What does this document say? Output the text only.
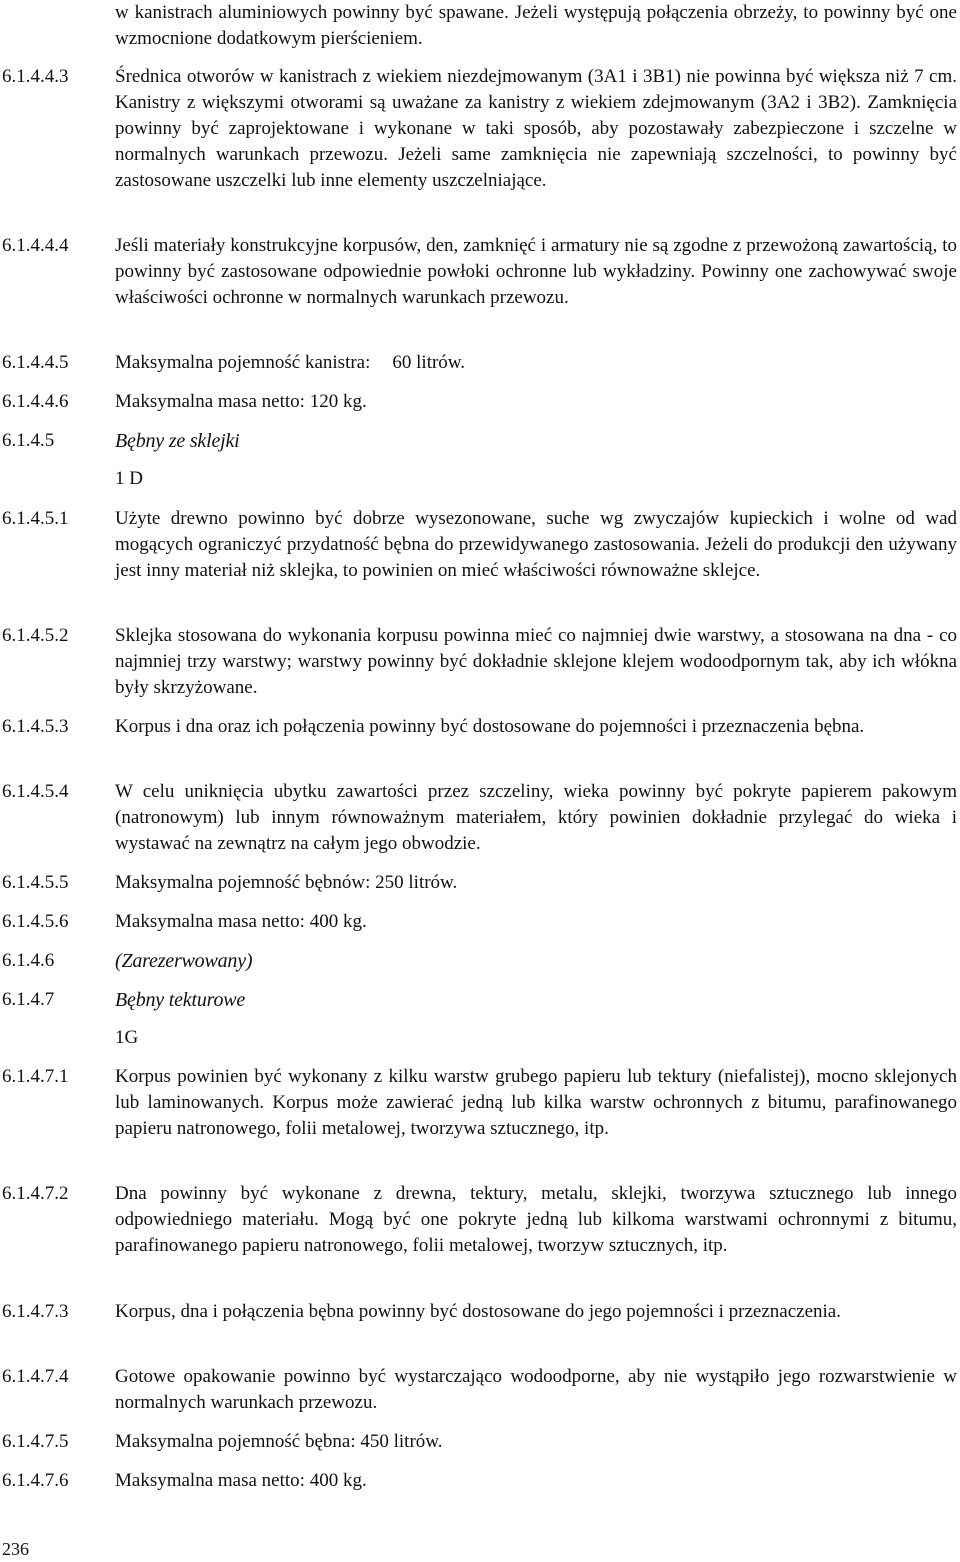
w kanistrach aluminiowych powinny być spawane. Jeżeli występują połączenia obrzeży, to powinny być one wzmocnione dodatkowym pierścieniem.
6.1.4.4.3	Średnica otworów w kanistrach z wiekiem niezdejmowanym (3A1 i 3B1) nie powinna być większa niż 7 cm. Kanistry z większymi otworami są uważane za kanistry z wiekiem zdejmowanym (3A2 i 3B2). Zamknięcia powinny być zaprojektowane i wykonane w taki sposób, aby pozostawały zabezpieczone i szczelne w normalnych warunkach przewozu. Jeżeli same zamknięcia nie zapewniają szczelności, to powinny być zastosowane uszczelki lub inne elementy uszczelniające.
6.1.4.4.4	Jeśli materiały konstrukcyjne korpusów, den, zamknięć i armatury nie są zgodne z przewożoną zawartością, to powinny być zastosowane odpowiednie powłoki ochronne lub wykładziny. Powinny one zachowywać swoje właściwości ochronne w normalnych warunkach przewozu.
6.1.4.4.5	Maksymalna pojemność kanistra: 60 litrów.
6.1.4.4.6	Maksymalna masa netto: 120 kg.
6.1.4.5	Bębny ze sklejki
1 D
6.1.4.5.1	Użyte drewno powinno być dobrze wysezonowane, suche wg zwyczajów kupieckich i wolne od wad mogących ograniczyć przydatność bębna do przewidywanego zastosowania. Jeżeli do produkcji den używany jest inny materiał niż sklejka, to powinien on mieć właściwości równoważne sklejce.
6.1.4.5.2	Sklejka stosowana do wykonania korpusu powinna mieć co najmniej dwie warstwy, a stosowana na dna - co najmniej trzy warstwy; warstwy powinny być dokładnie sklejone klejem wodoodpornym tak, aby ich włókna były skrzyżowane.
6.1.4.5.3	Korpus i dna oraz ich połączenia powinny być dostosowane do pojemności i przeznaczenia bębna.
6.1.4.5.4	W celu uniknięcia ubytku zawartości przez szczeliny, wieka powinny być pokryte papierem pakowym (natronowym) lub innym równoważnym materiałem, który powinien dokładnie przylegać do wieka i wystawać na zewnątrz na całym jego obwodzie.
6.1.4.5.5	Maksymalna pojemność bębnów: 250 litrów.
6.1.4.5.6	Maksymalna masa netto: 400 kg.
6.1.4.6	(Zarezerwowany)
6.1.4.7	Bębny tekturowe
1G
6.1.4.7.1	Korpus powinien być wykonany z kilku warstw grubego papieru lub tektury (niefalistej), mocno sklejonych lub laminowanych. Korpus może zawierać jedną lub kilka warstw ochronnych z bitumu, parafinowanego papieru natronowego, folii metalowej, tworzywa sztucznego, itp.
6.1.4.7.2	Dna powinny być wykonane z drewna, tektury, metalu, sklejki, tworzywa sztucznego lub innego odpowiedniego materiału. Mogą być one pokryte jedną lub kilkoma warstwami ochronnymi z bitumu, parafinowanego papieru natronowego, folii metalowej, tworzyw sztucznych, itp.
6.1.4.7.3	Korpus, dna i połączenia bębna powinny być dostosowane do jego pojemności i przeznaczenia.
6.1.4.7.4	Gotowe opakowanie powinno być wystarczająco wodoodporne, aby nie wystąpiło jego rozwarstwienie w normalnych warunkach przewozu.
6.1.4.7.5	Maksymalna pojemność bębna: 450 litrów.
6.1.4.7.6	Maksymalna masa netto: 400 kg.
236
